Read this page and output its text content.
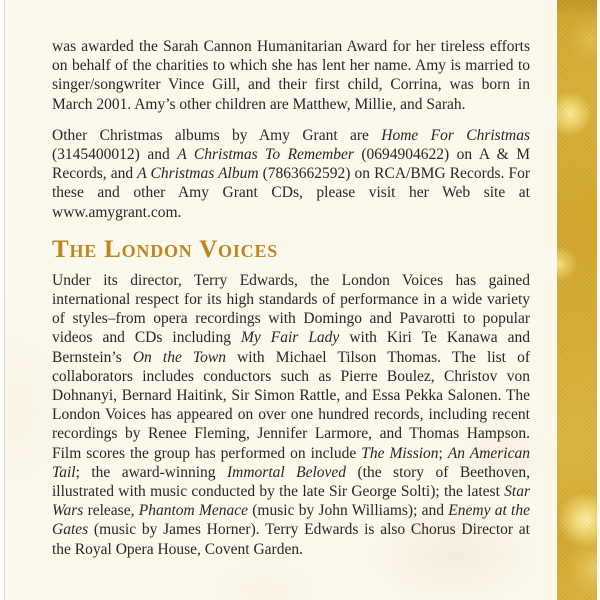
was awarded the Sarah Cannon Humanitarian Award for her tireless efforts on behalf of the charities to which she has lent her name. Amy is married to singer/songwriter Vince Gill, and their first child, Corrina, was born in March 2001. Amy’s other children are Matthew, Millie, and Sarah.

Other Christmas albums by Amy Grant are Home For Christmas (3145400012) and A Christmas To Remember (0694904622) on A & M Records, and A Christmas Album (7863662592) on RCA/BMG Records. For these and other Amy Grant CDs, please visit her Web site at www.amygrant.com.

The London Voices

Under its director, Terry Edwards, the London Voices has gained international respect for its high standards of performance in a wide variety of styles–from opera recordings with Domingo and Pavarotti to popular videos and CDs including My Fair Lady with Kiri Te Kanawa and Bernstein’s On the Town with Michael Tilson Thomas. The list of collaborators includes conductors such as Pierre Boulez, Christov von Dohnanyi, Bernard Haitink, Sir Simon Rattle, and Essa Pekka Salonen. The London Voices has appeared on over one hundred records, including recent recordings by Renee Fleming, Jennifer Larmore, and Thomas Hampson. Film scores the group has performed on include The Mission; An American Tail; the award-winning Immortal Beloved (the story of Beethoven, illustrated with music conducted by the late Sir George Solti); the latest Star Wars release, Phantom Menace (music by John Williams); and Enemy at the Gates (music by James Horner). Terry Edwards is also Chorus Director at the Royal Opera House, Covent Garden.
